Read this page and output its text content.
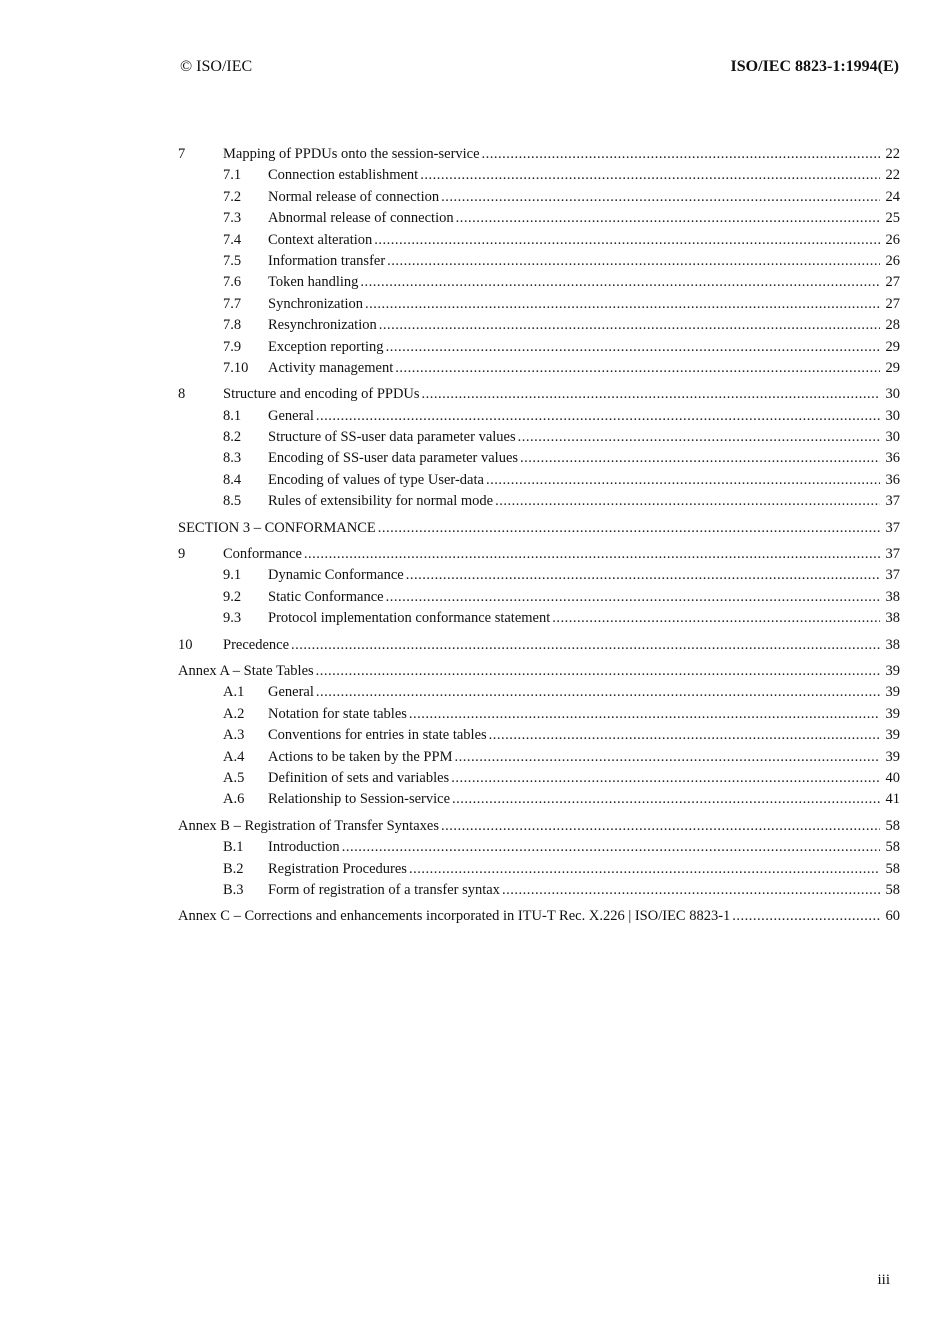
© ISO/IEC	ISO/IEC 8823-1:1994(E)
7	Mapping of PPDUs onto the session-service .....	22
7.1	Connection establishment .....	22
7.2	Normal release of connection .....	24
7.3	Abnormal release of connection .....	25
7.4	Context alteration .....	26
7.5	Information transfer .....	26
7.6	Token handling .....	27
7.7	Synchronization .....	27
7.8	Resynchronization .....	28
7.9	Exception reporting .....	29
7.10	Activity management .....	29
8	Structure and encoding of PPDUs .....	30
8.1	General .....	30
8.2	Structure of SS-user data parameter values .....	30
8.3	Encoding of SS-user data parameter values .....	36
8.4	Encoding of values of type User-data .....	36
8.5	Rules of extensibility for normal mode .....	37
SECTION 3 – CONFORMANCE .....	37
9	Conformance .....	37
9.1	Dynamic Conformance .....	37
9.2	Static Conformance .....	38
9.3	Protocol implementation conformance statement .....	38
10	Precedence .....	38
Annex A – State Tables .....	39
A.1	General .....	39
A.2	Notation for state tables .....	39
A.3	Conventions for entries in state tables .....	39
A.4	Actions to be taken by the PPM .....	39
A.5	Definition of sets and variables .....	40
A.6	Relationship to Session-service .....	41
Annex B – Registration of Transfer Syntaxes .....	58
B.1	Introduction .....	58
B.2	Registration Procedures .....	58
B.3	Form of registration of a transfer syntax .....	58
Annex C – Corrections and enhancements incorporated in ITU-T Rec. X.226 | ISO/IEC 8823-1 .....	60
iii
